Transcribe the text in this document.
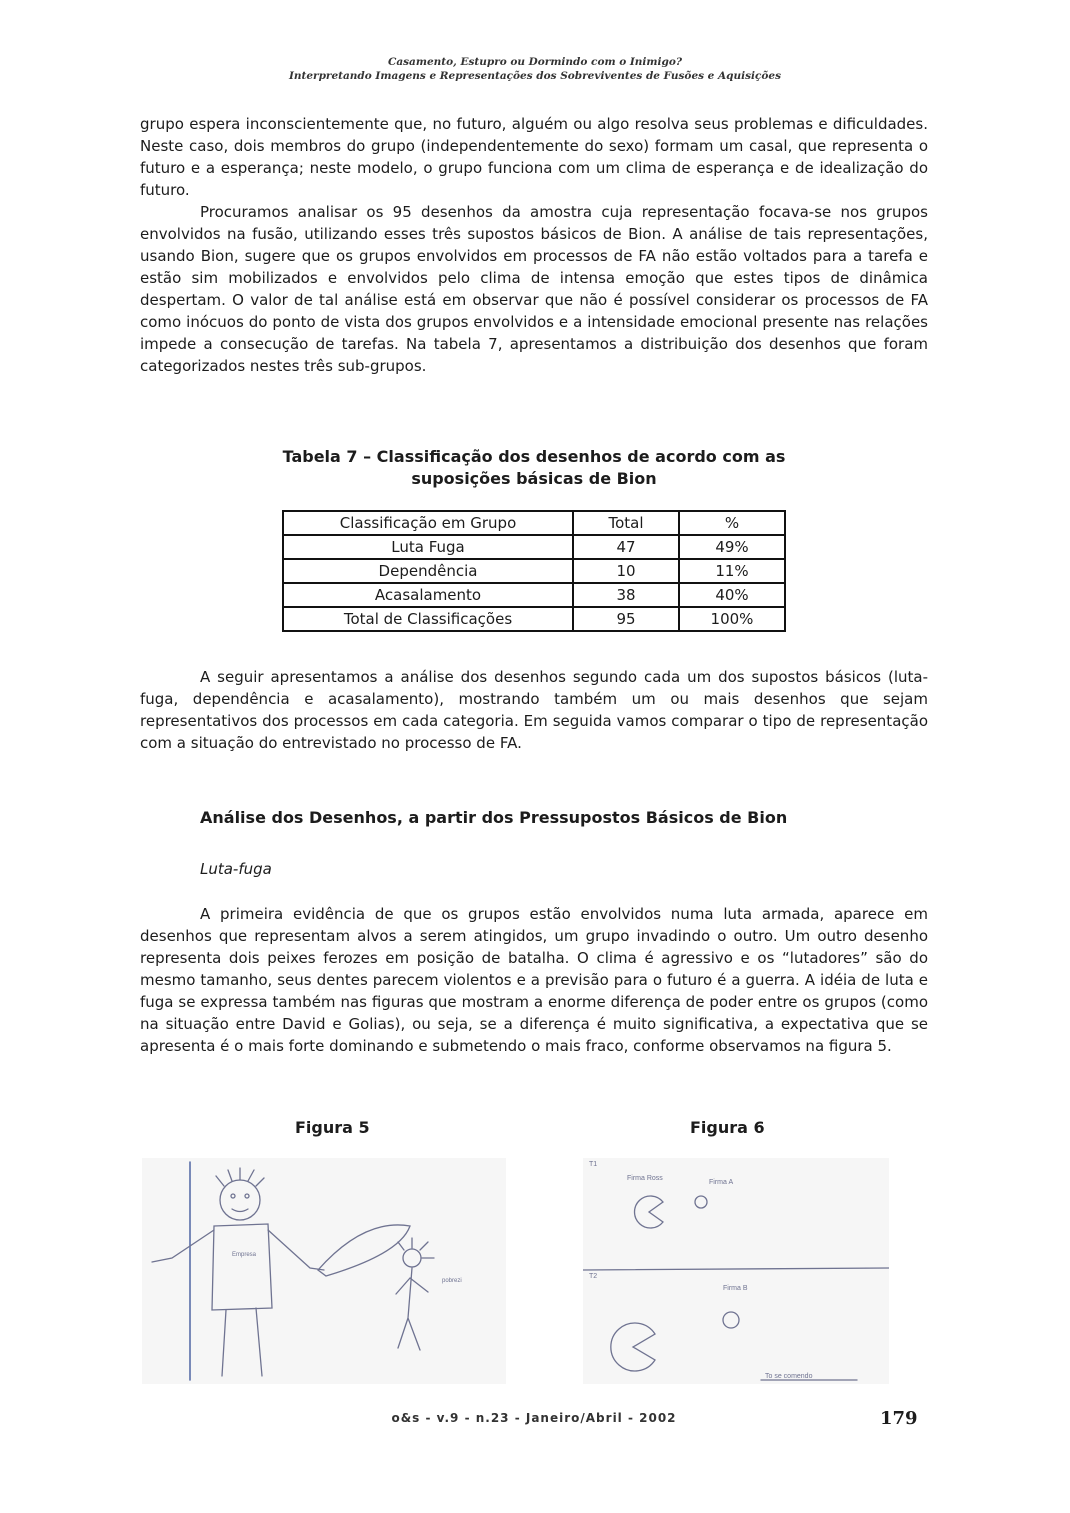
Casamento, Estupro ou Dormindo com o Inimigo?
Interpretando Imagens e Representações dos Sobreviventes de Fusões e Aquisições

grupo espera inconscientemente que, no futuro, alguém ou algo resolva seus problemas e dificuldades. Neste caso, dois membros do grupo (independentemente do sexo) formam um casal, que representa o futuro e a esperança; neste modelo, o grupo funciona com um clima de esperança e de idealização do futuro.

Procuramos analisar os 95 desenhos da amostra cuja representação focava-se nos grupos envolvidos na fusão, utilizando esses três supostos básicos de Bion. A análise de tais representações, usando Bion, sugere que os grupos envolvidos em processos de FA não estão voltados para a tarefa e estão sim mobilizados e envolvidos pelo clima de intensa emoção que estes tipos de dinâmica despertam. O valor de tal análise está em observar que não é possível considerar os processos de FA como inócuos do ponto de vista dos grupos envolvidos e a intensidade emocional presente nas relações impede a consecução de tarefas. Na tabela 7, apresentamos a distribuição dos desenhos que foram categorizados nestes três sub-grupos.

Tabela 7 – Classificação dos desenhos de acordo com as
suposições básicas de Bion
Classificação em Grupo	Total	%
Luta Fuga	47	49%
Dependência	10	11%
Acasalamento	38	40%
Total de Classificações	95	100%

A seguir apresentamos a análise dos desenhos segundo cada um dos supostos básicos (luta-fuga, dependência e acasalamento), mostrando também um ou mais desenhos que sejam representativos dos processos em cada categoria. Em seguida vamos comparar o tipo de representação com a situação do entrevistado no processo de FA.

Análise dos Desenhos, a partir dos Pressupostos Básicos de Bion
Luta-fuga

A primeira evidência de que os grupos estão envolvidos numa luta armada, aparece em desenhos que representam alvos a serem atingidos, um grupo invadindo o outro. Um outro desenho representa dois peixes ferozes em posição de batalha. O clima é agressivo e os “lutadores” são do mesmo tamanho, seus dentes parecem violentos e a previsão para o futuro é a guerra. A idéia de luta e fuga se expressa também nas figuras que mostram a enorme diferença de poder entre os grupos (como na situação entre David e Golias), ou seja, se a diferença é muito significativa, a expectativa que se apresenta é o mais forte dominando e submetendo o mais fraco, conforme observamos na figura 5.

Figura 5	Figura 6
Empresa
pobrezi
T1
Firma Ross
Firma A
T2
Firma B
To se comendo
o&s - v.9 - n.23 - Janeiro/Abril - 2002	179
